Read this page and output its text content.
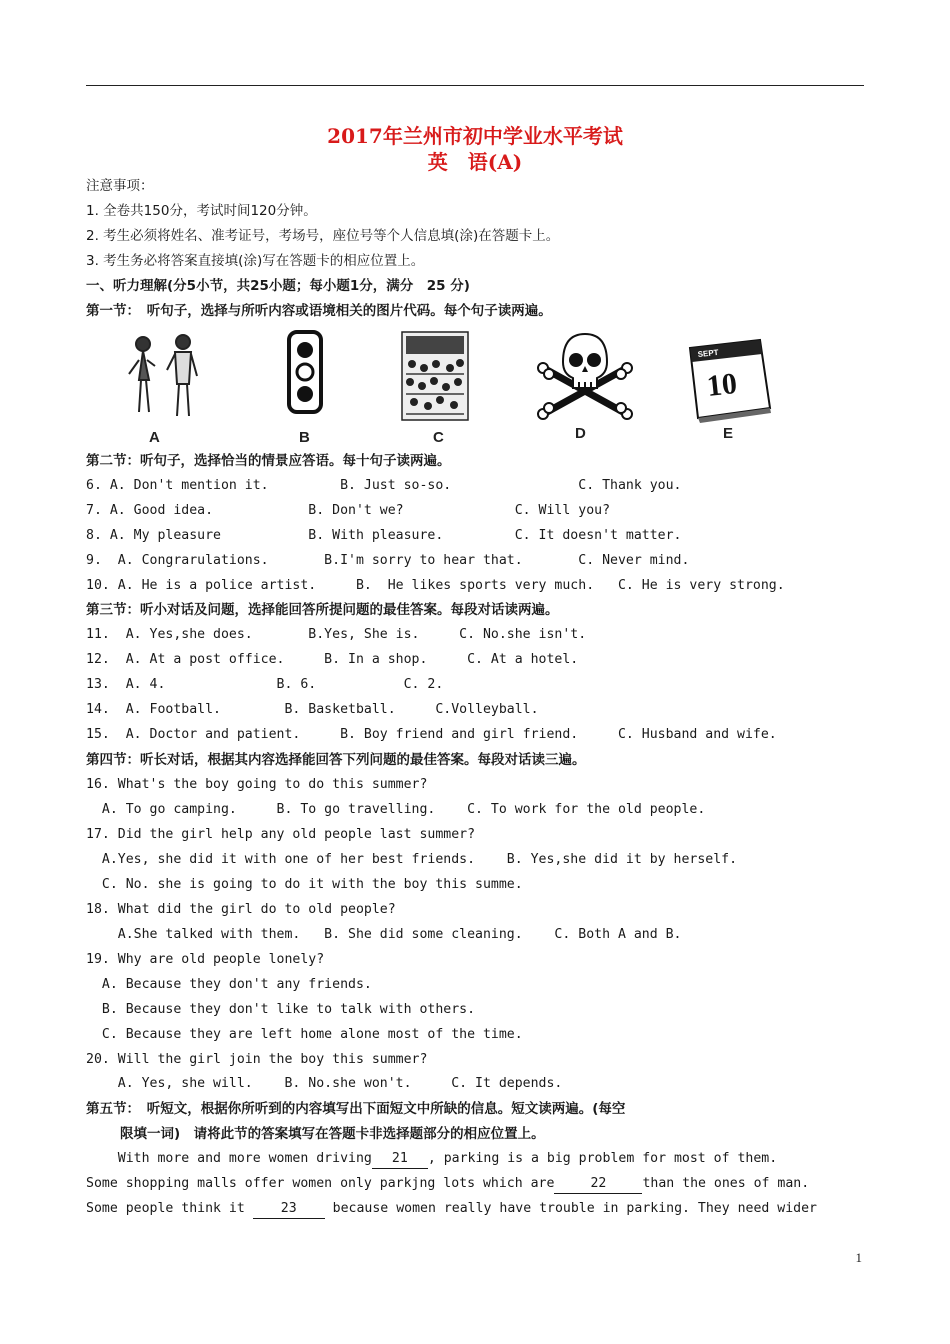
2017年兰州市初中学业水平考试
英　语(A)
注意事项：
1. 全卷共150分，考试时间120分钟。
2. 考生必须将姓名、准考证号，考场号，座位号等个人信息填(涂)在答题卡上。
3. 考生务必将答案直接填(涂)写在答题卡的相应位置上。
一、听力理解(分5小节，共25小题；每小题1分，满分　25 分)
第一节：　听句子，选择与所听内容或语境相关的图片代码。每个句子读两遍。
SEPT
10
A	B	C	D	E
第二节：听句子，选择恰当的情景应答语。每十句子读两遍。
6. A. Don't mention it.         B. Just so-so.                C. Thank you.
7. A. Good idea.            B. Don't we?              C. Will you?
8. A. My pleasure           B. With pleasure.         C. It doesn't matter.
9.  A. Congrarulations.       B.I'm sorry to hear that.       C. Never mind.
10. A. He is a police artist.     B.  He likes sports very much.   C. He is very strong.
第三节：听小对话及问题，选择能回答所提问题的最佳答案。每段对话读两遍。
11.  A. Yes,she does.       B.Yes, She is.     C. No.she isn't.
12.  A. At a post office.     B. In a shop.     C. At a hotel.
13.  A. 4.              B. 6.           C. 2.
14.  A. Football.        B. Basketball.     C.Volleyball.
15.  A. Doctor and patient.     B. Boy friend and girl friend.     C. Husband and wife.
第四节：听长对话，根据其内容选择能回答下列问题的最佳答案。每段对话读三遍。
16. What's the boy going to do this summer?
A. To go camping.     B. To go travelling.    C. To work for the old people.
17. Did the girl help any old people last summer?
A.Yes, she did it with one of her best friends.    B. Yes,she did it by herself.
C. No. she is going to do it with the boy this summe.
18. What did the girl do to old people?
A.She talked with them.   B. She did some cleaning.    C. Both A and B.
19. Why are old people lonely?
A. Because they don't any friends.
B. Because they don't like to talk with others.
C. Because they are left home alone most of the time.
20. Will the girl join the boy this summer?
A. Yes, she will.    B. No.she won't.     C. It depends.
第五节：　听短文，根据你所听到的内容填写出下面短文中所缺的信息。短文读两遍。(每空
限填一词)　请将此节的答案填写在答题卡非选择题部分的相应位置上。
With more and more women driving 21 , parking is a big problem for most of them.
Some shopping malls offer women only parkjng lots which are	22	than the ones of man.
Some people think it 23 because women really have trouble in parking. They need wider
1
